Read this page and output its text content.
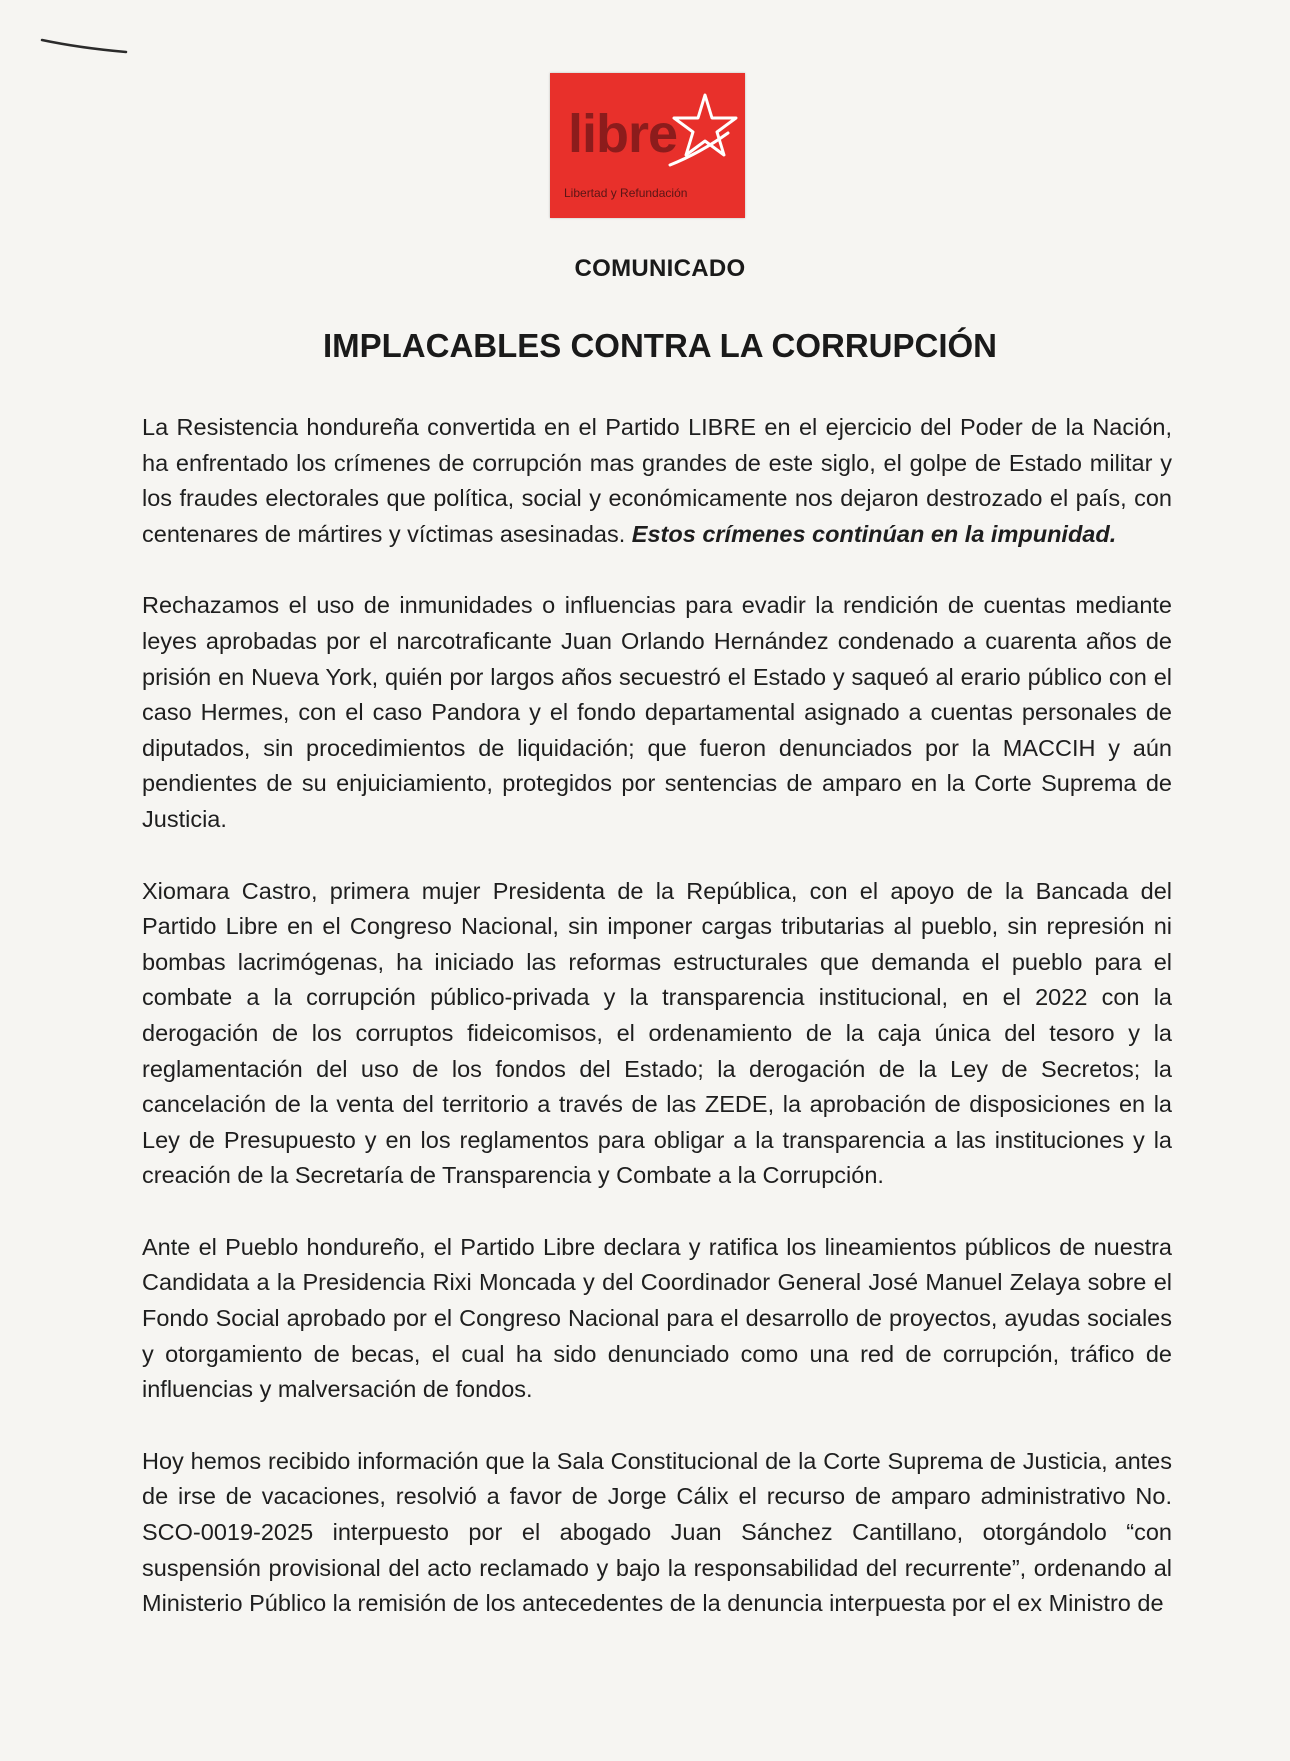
libre
Libertad y Refundación
COMUNICADO
IMPLACABLES CONTRA LA CORRUPCIÓN

La Resistencia hondureña convertida en el Partido LIBRE en el ejercicio del Poder de la Nación, ha enfrentado los crímenes de corrupción mas grandes de este siglo, el golpe de Estado militar y los fraudes electorales que política, social y económicamente nos dejaron destrozado el país, con centenares de mártires y víctimas asesinadas. Estos crímenes continúan en la impunidad.

Rechazamos el uso de inmunidades o influencias para evadir la rendición de cuentas mediante leyes aprobadas por el narcotraficante Juan Orlando Hernández condenado a cuarenta años de prisión en Nueva York, quién por largos años secuestró el Estado y saqueó al erario público con el caso Hermes, con el caso Pandora y el fondo departamental asignado a cuentas personales de diputados, sin procedimientos de liquidación; que fueron denunciados por la MACCIH y aún pendientes de su enjuiciamiento, protegidos por sentencias de amparo en la Corte Suprema de Justicia.

Xiomara Castro, primera mujer Presidenta de la República, con el apoyo de la Bancada del Partido Libre en el Congreso Nacional, sin imponer cargas tributarias al pueblo, sin represión ni bombas lacrimógenas, ha iniciado las reformas estructurales que demanda el pueblo para el combate a la corrupción público-privada y la transparencia institucional, en el 2022 con la derogación de los corruptos fideicomisos, el ordenamiento de la caja única del tesoro y la reglamentación del uso de los fondos del Estado; la derogación de la Ley de Secretos; la cancelación de la venta del territorio a través de las ZEDE, la aprobación de disposiciones en la Ley de Presupuesto y en los reglamentos para obligar a la transparencia a las instituciones y la creación de la Secretaría de Transparencia y Combate a la Corrupción.

Ante el Pueblo hondureño, el Partido Libre declara y ratifica los lineamientos públicos de nuestra Candidata a la Presidencia Rixi Moncada y del Coordinador General José Manuel Zelaya sobre el Fondo Social aprobado por el Congreso Nacional para el desarrollo de proyectos, ayudas sociales y otorgamiento de becas, el cual ha sido denunciado como una red de corrupción, tráfico de influencias y malversación de fondos.

Hoy hemos recibido información que la Sala Constitucional de la Corte Suprema de Justicia, antes de irse de vacaciones, resolvió a favor de Jorge Cálix el recurso de amparo administrativo No. SCO-0019-2025 interpuesto por el abogado Juan Sánchez Cantillano, otorgándolo “con suspensión provisional del acto reclamado y bajo la responsabilidad del recurrente”, ordenando al Ministerio Público la remisión de los antecedentes de la denuncia interpuesta por el ex Ministro de
